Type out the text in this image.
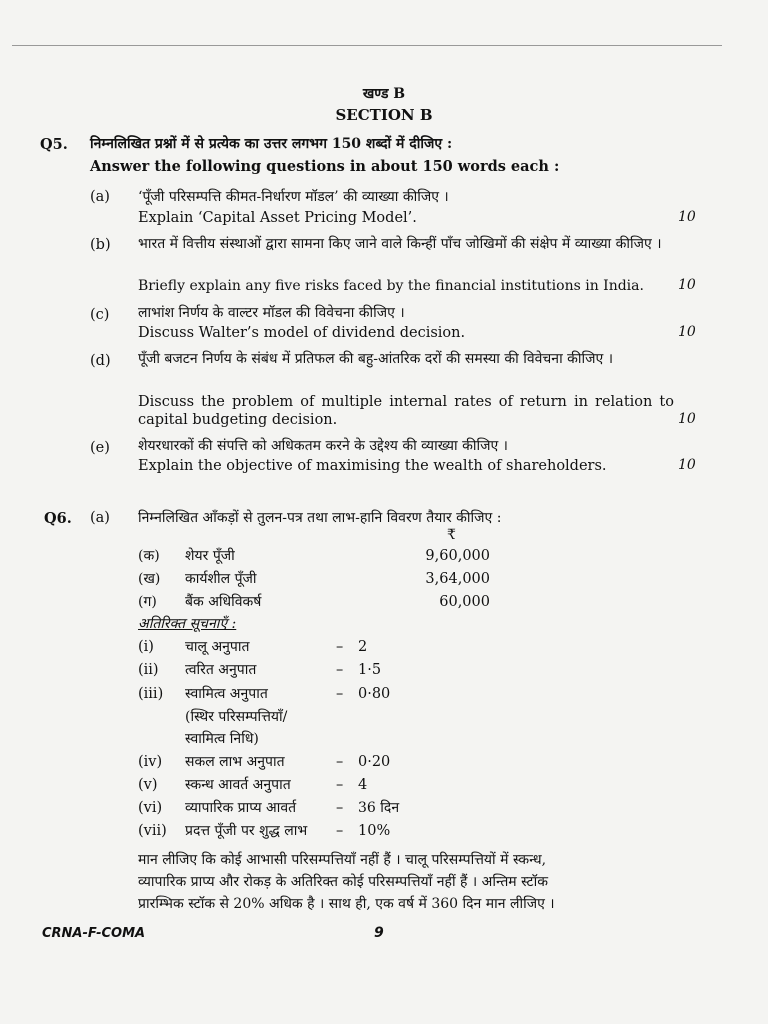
खण्ड B
SECTION B
Q5. निम्नलिखित प्रश्नों में से प्रत्येक का उत्तर लगभग 150 शब्दों में दीजिए :
Answer the following questions in about 150 words each :
(a) ‘पूँजी परिसम्पत्ति कीमत-निर्धारण मॉडल’ की व्याख्या कीजिए ।
Explain ‘Capital Asset Pricing Model’.	10
(b) भारत में वित्तीय संस्थाओं द्वारा सामना किए जाने वाले किन्हीं पाँच जोखिमों की संक्षेप में व्याख्या कीजिए ।
Briefly explain any five risks faced by the financial institutions in India. 10
(c) लाभांश निर्णय के वाल्टर मॉडल की विवेचना कीजिए ।
Discuss Walter’s model of dividend decision.	10
(d) पूँजी बजटन निर्णय के संबंध में प्रतिफल की बहु-आंतरिक दरों की समस्या की विवेचना कीजिए ।
Discuss the problem of multiple internal rates of return in relation to capital budgeting decision.	10
(e) शेयरधारकों की संपत्ति को अधिकतम करने के उद्देश्य की व्याख्या कीजिए ।
Explain the objective of maximising the wealth of shareholders.	10
Q6. (a) निम्नलिखित आँकड़ों से तुलन-पत्र तथा लाभ-हानि विवरण तैयार कीजिए :
₹
(क) शेयर पूँजी	9,60,000
(ख) कार्यशील पूँजी	3,64,000
(ग) बैंक अधिविकर्ष	60,000
अतिरिक्त सूचनाएँ :
(i) चालू अनुपात	– 2
(ii) त्वरित अनुपात	– 1·5
(iii) स्वामित्व अनुपात	– 0·80
(स्थिर परिसम्पत्तियाँ/
स्वामित्व निधि)
(iv) सकल लाभ अनुपात	– 0·20
(v) स्कन्ध आवर्त अनुपात	– 4
(vi) व्यापारिक प्राप्य आवर्त	– 36 दिन
(vii) प्रदत्त पूँजी पर शुद्ध लाभ – 10%
मान लीजिए कि कोई आभासी परिसम्पत्तियाँ नहीं हैं । चालू परिसम्पत्तियों में स्कन्ध,
व्यापारिक प्राप्य और रोकड़ के अतिरिक्त कोई परिसम्पत्तियाँ नहीं हैं । अन्तिम स्टॉक
प्रारम्भिक स्टॉक से 20% अधिक है । साथ ही, एक वर्ष में 360 दिन मान लीजिए ।
CRNA-F-COMA	9
